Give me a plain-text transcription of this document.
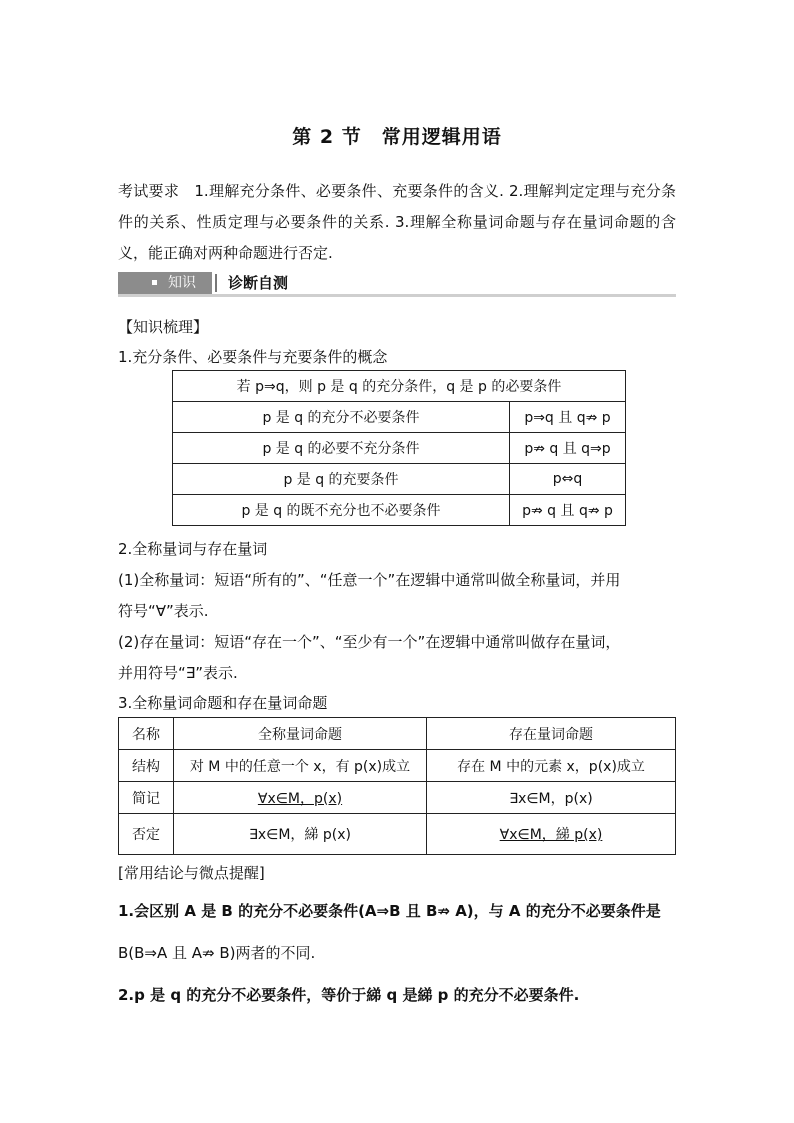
第 2 节　常用逻辑用语
考试要求　1.理解充分条件、必要条件、充要条件的含义. 2.理解判定定理与充分条件的关系、性质定理与必要条件的关系. 3.理解全称量词命题与存在量词命题的含义，能正确对两种命题进行否定.
知识 诊断自测
【知识梳理】
1.充分条件、必要条件与充要条件的概念
若 p⇒q，则 p 是 q 的充分条件，q 是 p 的必要条件	
p 是 q 的充分不必要条件	p⇒q 且 q⇏ p
p 是 q 的必要不充分条件	p⇏ q 且 q⇒p
p 是 q 的充要条件	p⇔q
p 是 q 的既不充分也不必要条件	p⇏ q 且 q⇏ p
2.全称量词与存在量词
(1)全称量词：短语“所有的”、“任意一个”在逻辑中通常叫做全称量词，并用
符号“∀”表示.
(2)存在量词：短语“存在一个”、“至少有一个”在逻辑中通常叫做存在量词，
并用符号“∃”表示.
3.全称量词命题和存在量词命题
名称	全称量词命题	存在量词命题
结构	对 M 中的任意一个 x，有 p(x)成立	存在 M 中的元素 x，p(x)成立
简记	∀x∈M，p(x)	∃x∈M，p(x)
否定	∃x∈M，綈 p(x)	∀x∈M，綈 p(x)
[常用结论与微点提醒]
1.会区别 A 是 B 的充分不必要条件(A⇒B 且 B⇏ A)，与 A 的充分不必要条件是
B(B⇒A 且 A⇏ B)两者的不同.
2.p 是 q 的充分不必要条件，等价于綈 q 是綈 p 的充分不必要条件.
